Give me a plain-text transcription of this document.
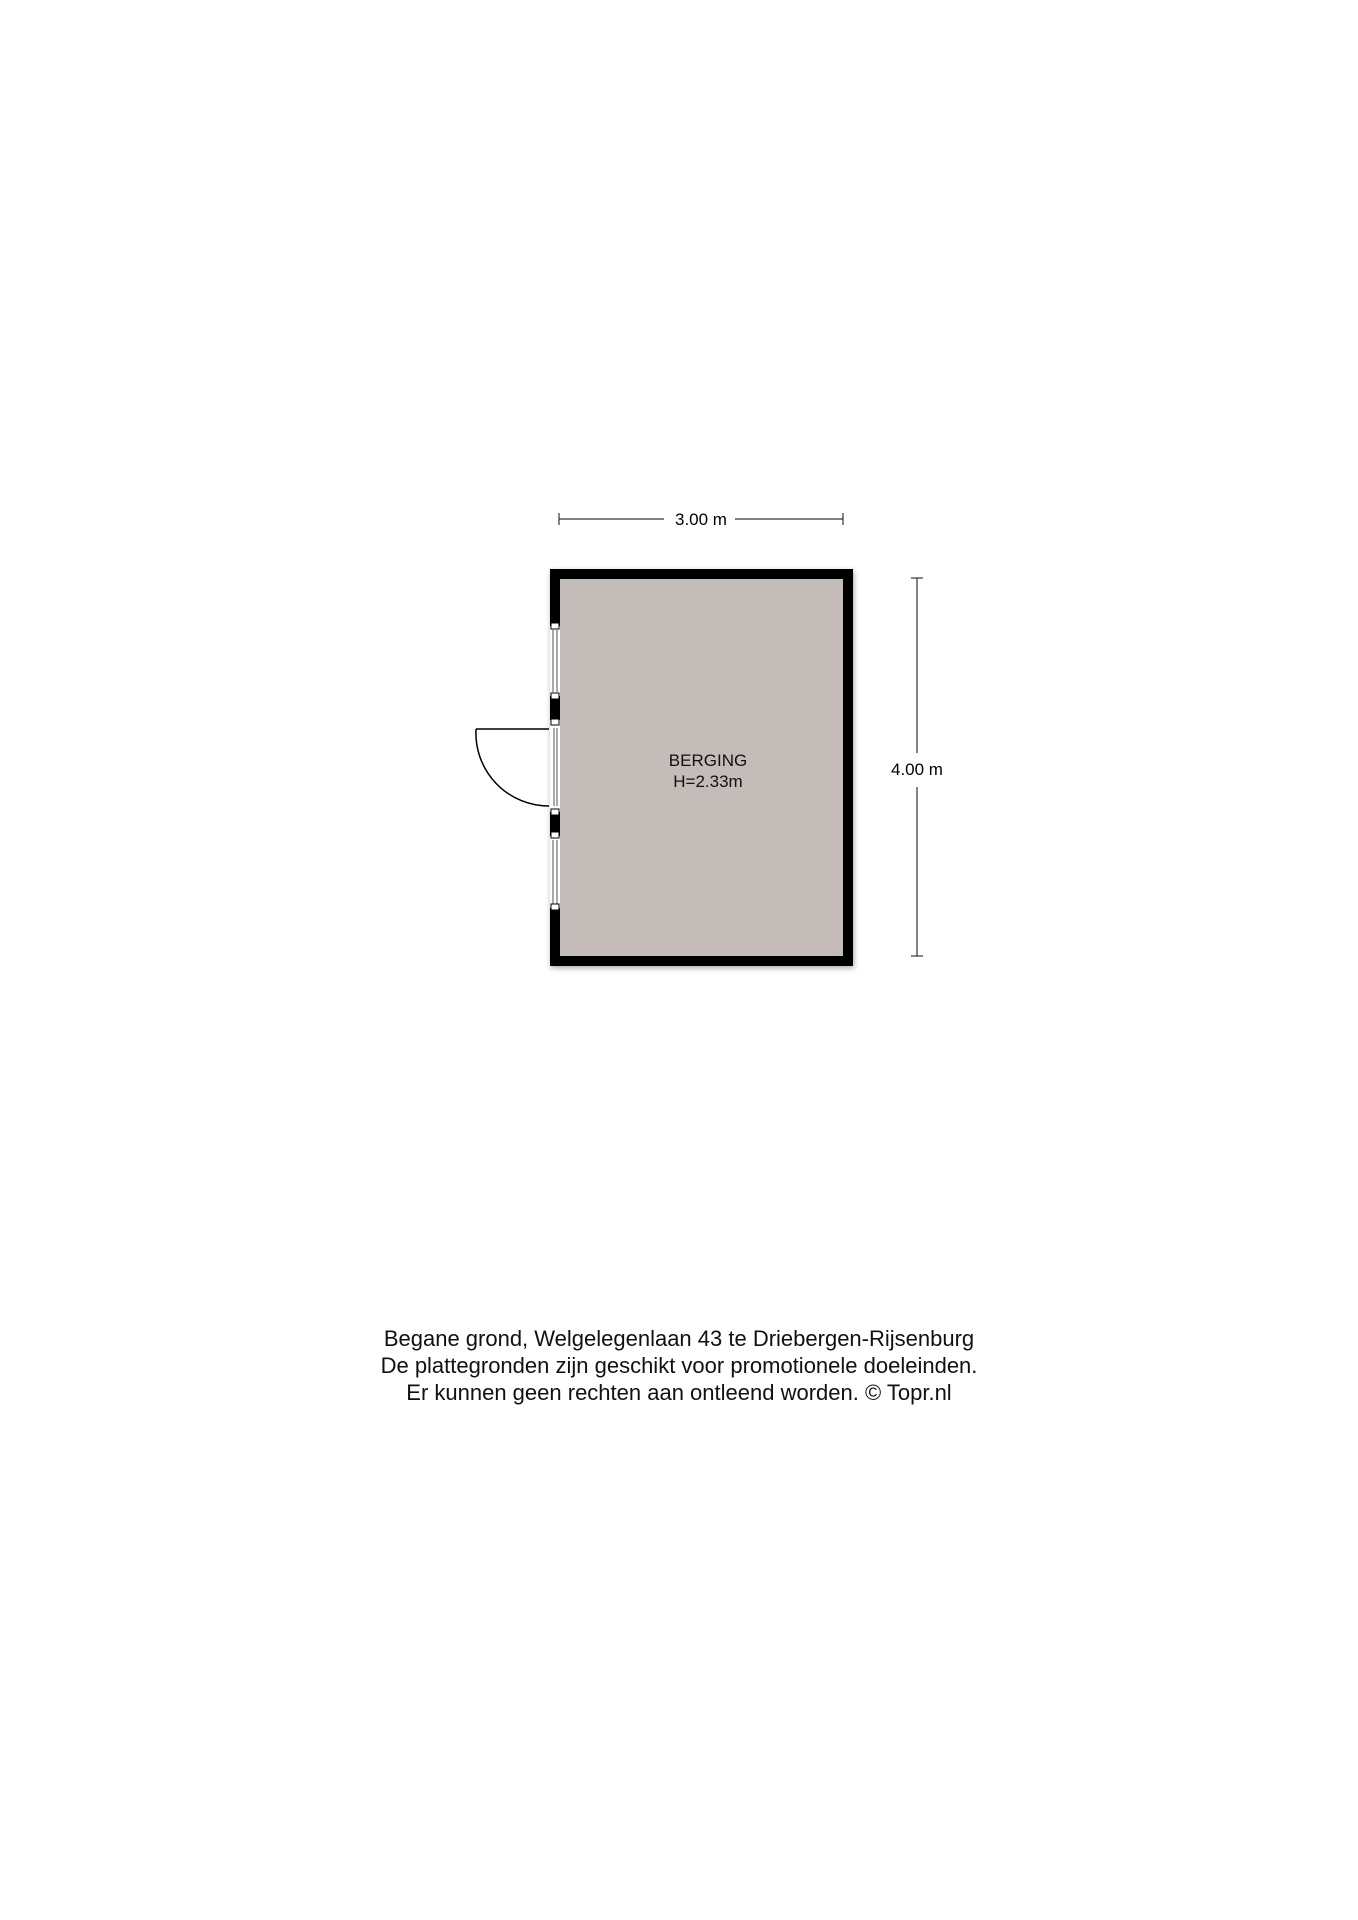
3.00 m
4.00 m
BERGING
H=2.33m
Begane grond, Welgelegenlaan 43 te Driebergen-Rijsenburg
De plattegronden zijn geschikt voor promotionele doeleinden.
Er kunnen geen rechten aan ontleend worden. © Topr.nl
